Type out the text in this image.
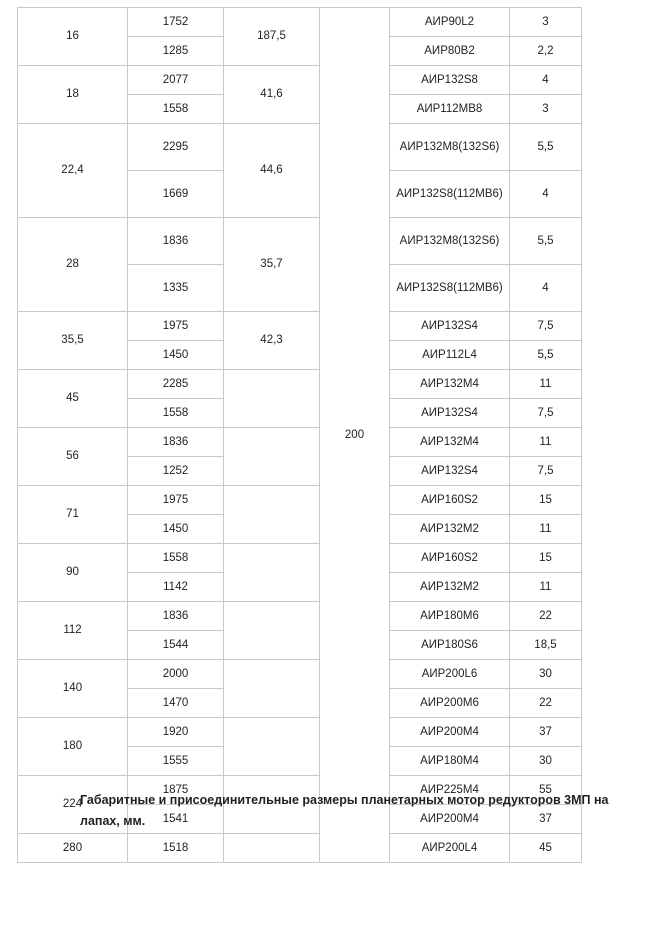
16	1752	187,5	200	АИР90L2	3
	1285			АИР80В2	2,2
18	2077	41,6		АИР132S8	4
	1558			АИР112МВ8	3
22,4	2295	44,6		АИР132М8(132S6)	5,5
	1669			АИР132S8(112МВ6)	4
28	1836	35,7		АИР132М8(132S6)	5,5
	1335			АИР132S8(112МВ6)	4
35,5	1975	42,3		АИР132S4	7,5
	1450			АИР112L4	5,5
45	2285			АИР132М4	11
	1558			АИР132S4	7,5
56	1836			АИР132М4	11
	1252			АИР132S4	7,5
71	1975			АИР160S2	15
	1450			АИР132М2	11
90	1558			АИР160S2	15
	1142			АИР132М2	11
112	1836			АИР180М6	22
	1544			АИР180S6	18,5
140	2000			АИР200L6	30
	1470			АИР200М6	22
180	1920			АИР200М4	37
	1555			АИР180М4	30
224	1875			АИР225М4	55
	1541			АИР200М4	37
280	1518			АИР200L4	45
Габаритные и присоединительные размеры планетарных мотор редукторов 3МП на лапах, мм.
